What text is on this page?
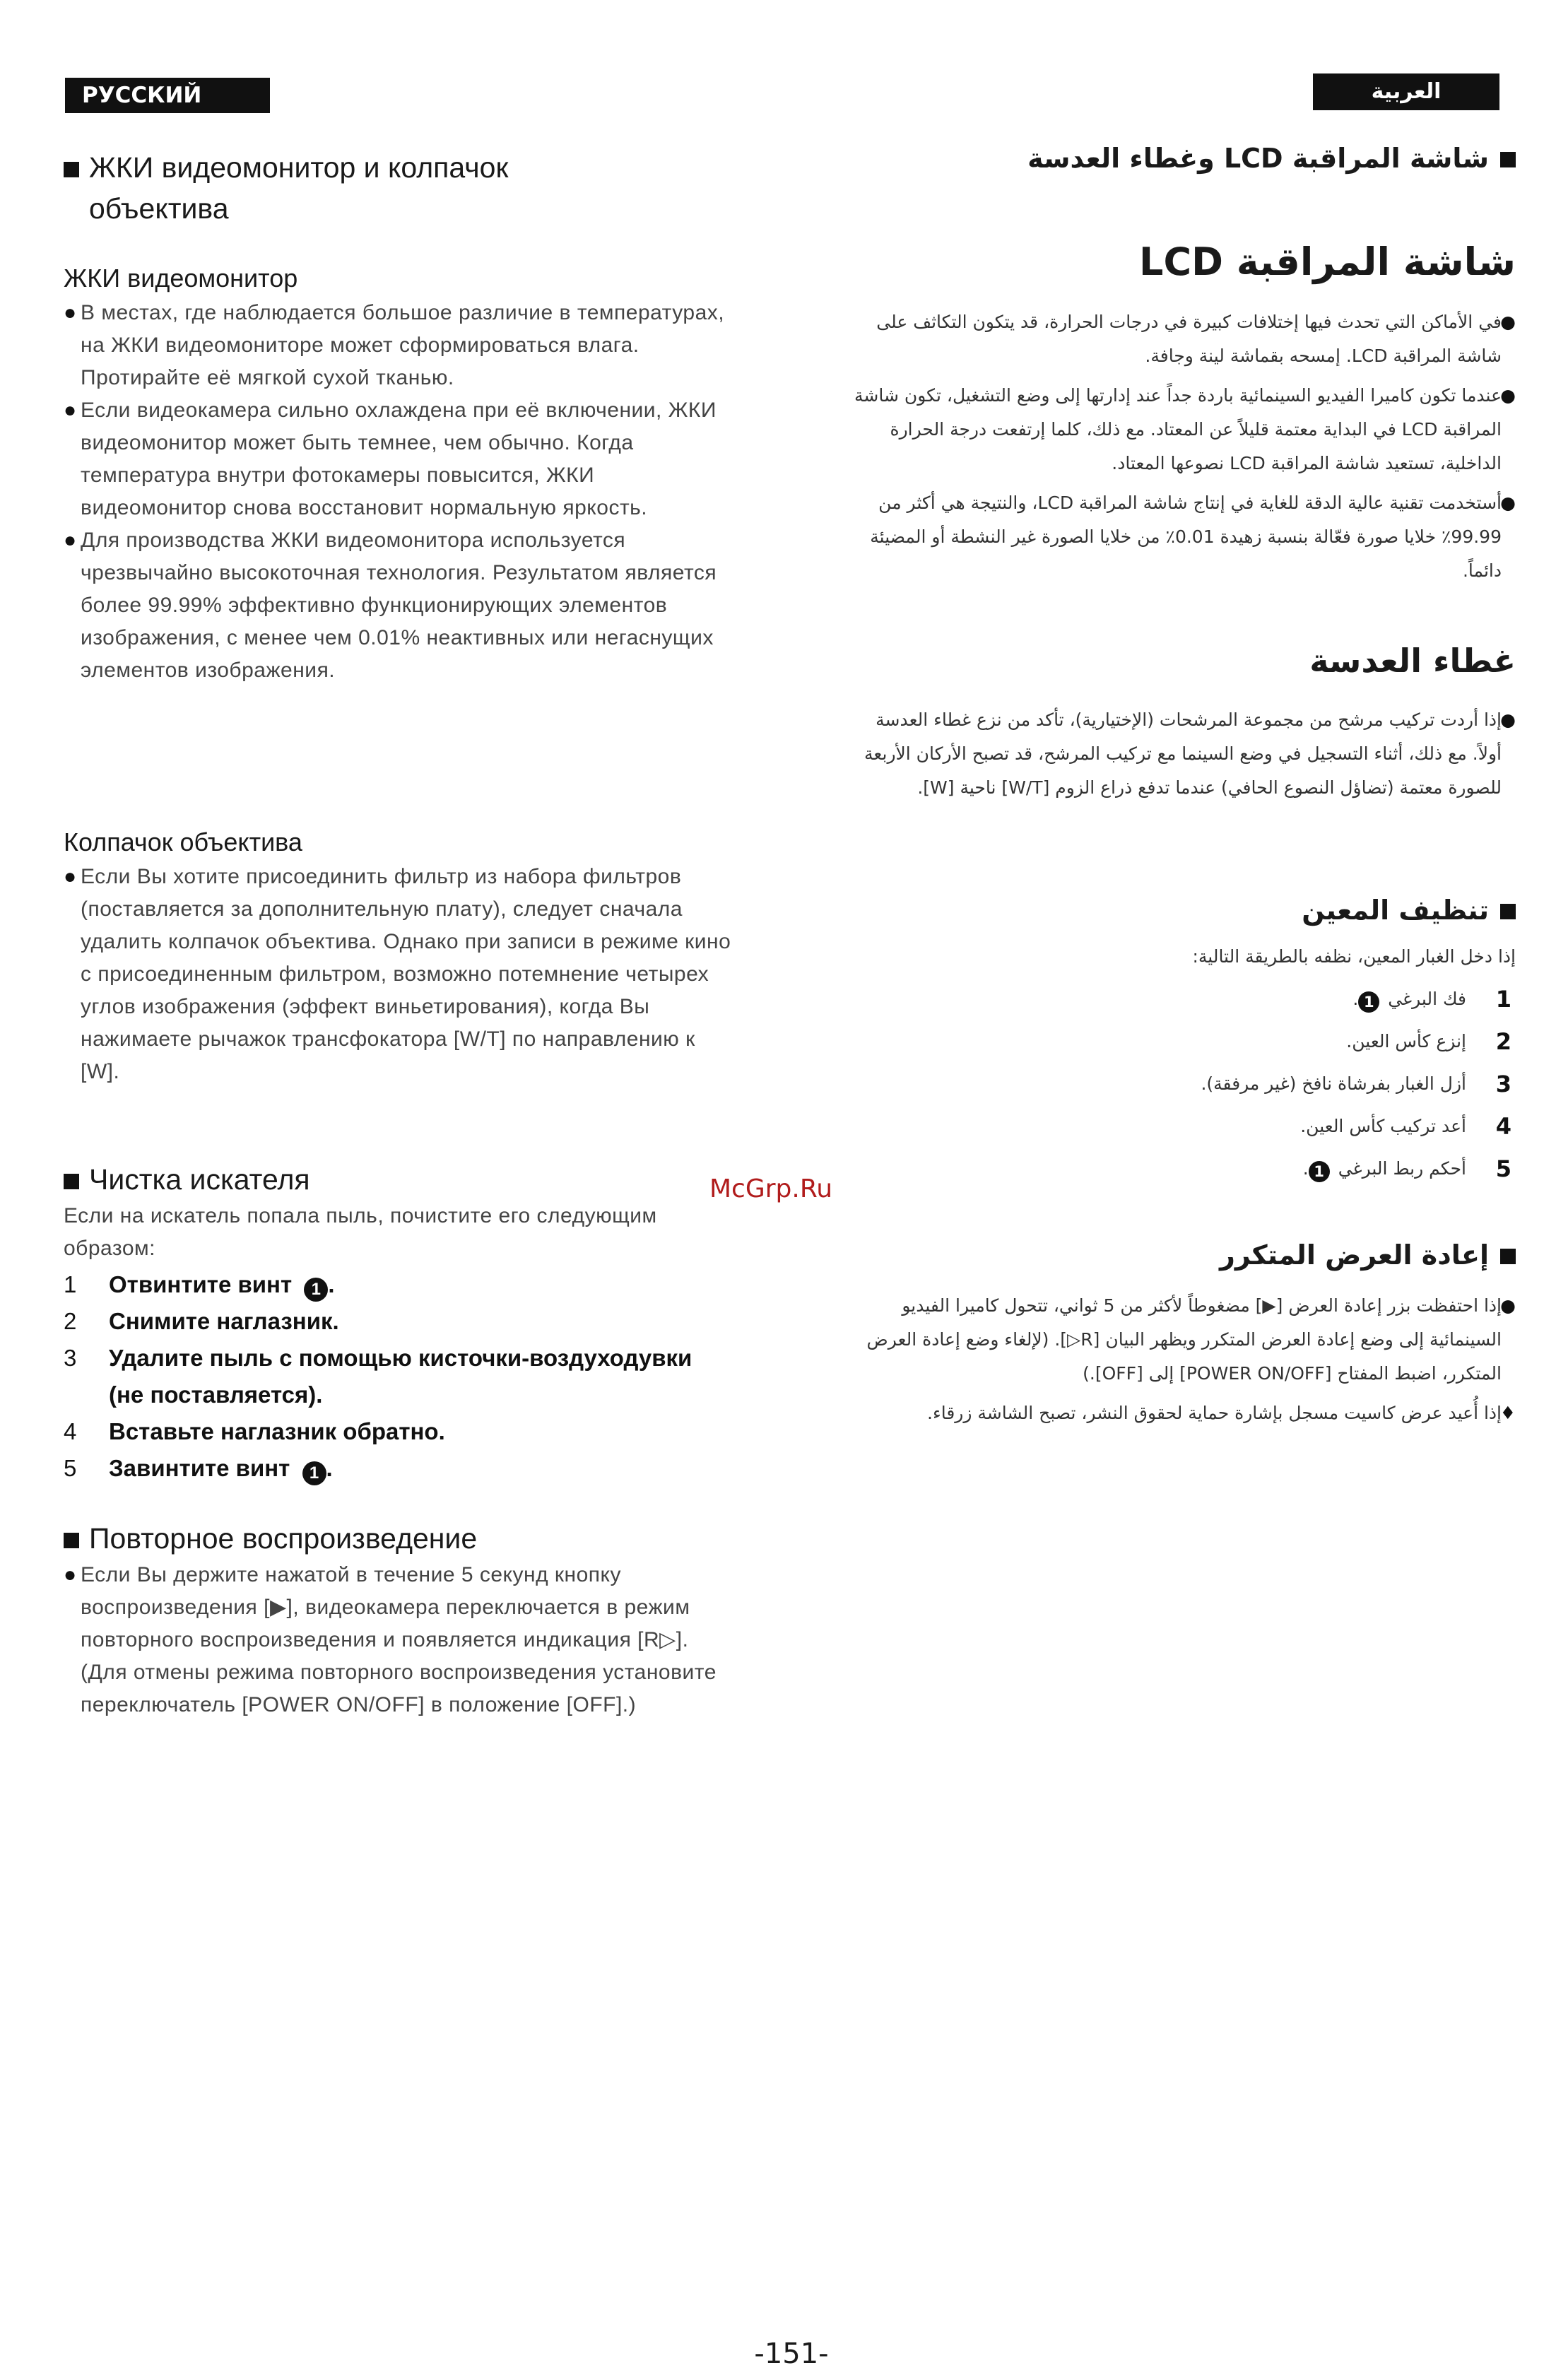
РУССКИЙ ЯЗЫК
العربية
ЖКИ видеомонитор и колпачок
объектива
ЖКИ видеомонитор
● В местах, где наблюдается большое различие в температурах, на ЖКИ видеомониторе может сформироваться влага. Протирайте её мягкой сухой тканью.
● Если видеокамера сильно охлаждена при её включении, ЖКИ видеомонитор может быть темнее, чем обычно. Когда температура внутри фотокамеры повысится, ЖКИ видеомонитор снова восстановит нормальную яркость.
● Для производства ЖКИ видеомонитора используется чрезвычайно высокоточная технология. Результатом является более 99.99% эффективно функционирующих элементов изображения, с менее чем 0.01% неактивных или негаснущих элементов изображения.
Колпачок объектива
● Если Вы хотите присоединить фильтр из набора фильтров (поставляется за дополнительную плату), следует сначала удалить колпачок объектива. Однако при записи в режиме кино с присоединенным фильтром, возможно потемнение четырех углов изображения (эффект виньетирования), когда Вы нажимаете рычажок трансфокатора [W/T] по направлению к [W].
Чистка искателя
Если на искатель попала пыль, почистите его следующим образом:
1 Отвинтите винт 1 .
2 Снимите наглазник.
3 Удалите пыль с помощью кисточки-воздуходувки (не поставляется).
4 Вставьте наглазник обратно.
5 Завинтите винт 1 .
Повторное воспроизведение
● Если Вы держите нажатой в течение 5 секунд кнопку воспроизведения [▶], видеокамера переключается в режим повторного воспроизведения и появляется индикация [R▷].
(Для отмены режима повторного воспроизведения установите переключатель [POWER ON/OFF] в положение [OFF].)
شاشة المراقبة LCD وغطاء العدسة
شاشة المراقبة LCD
●
في الأماكن التي تحدث فيها إختلافات كبيرة في درجات الحرارة، قد يتكون التكاثف على شاشة المراقبة LCD. إمسحه بقماشة لينة وجافة.
●
عندما تكون كاميرا الفيديو السينمائية باردة جداً عند إدارتها إلى وضع التشغيل، تكون شاشة المراقبة LCD في البداية معتمة قليلاً عن المعتاد. مع ذلك، كلما إرتفعت درجة الحرارة الداخلية، تستعيد شاشة المراقبة LCD نصوعها المعتاد.
●
أستخدمت تقنية عالية الدقة للغاية في إنتاج شاشة المراقبة LCD، والنتيجة هي أكثر من 99.99٪ خلايا صورة فعّالة بنسبة زهيدة 0.01٪ من خلايا الصورة غير النشطة أو المضيئة دائماً.
غطاء العدسة
●
إذا أردت تركيب مرشح من مجموعة المرشحات (الإختيارية)، تأكد من نزع غطاء العدسة أولاً. مع ذلك، أثناء التسجيل في وضع السينما مع تركيب المرشح، قد تصبح الأركان الأربعة للصورة معتمة (تضاؤل النصوع الحافي) عندما تدفع ذراع الزوم [W/T] ناحية [W].
تنظيف المعين
إذا دخل الغبار المعين، نظفه بالطريقة التالية:
1
فك البرغي 1.
2
إنزع كأس العين.
3
أزل الغبار بفرشاة نافخ (غير مرفقة).
4
أعد تركيب كأس العين.
5
أحكم ربط البرغي 1.
إعادة العرض المتكرر
●
إذا احتفظت بزر إعادة العرض [▶] مضغوطاً لأكثر من 5 ثواني، تتحول كاميرا الفيديو السينمائية إلى وضع إعادة العرض المتكرر ويظهر البيان [R▷]. (لإلغاء وضع إعادة العرض المتكرر، اضبط المفتاح [POWER ON/OFF] إلى [OFF].)
♦
إذا أُعيد عرض كاسيت مسجل بإشارة حماية لحقوق النشر، تصبح الشاشة زرقاء.
McGrp.Ru
-151-
